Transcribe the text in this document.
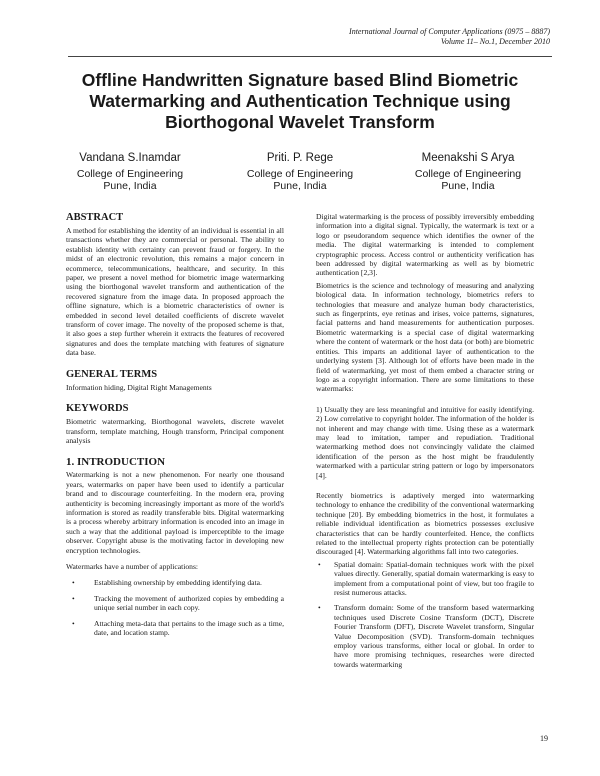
International Journal of Computer Applications (0975 – 8887)
Volume 11– No.1, December 2010
Offline Handwritten Signature based Blind Biometric Watermarking and Authentication Technique using Biorthogonal Wavelet Transform
Vandana S.Inamdar
College of Engineering
Pune, India
Priti. P. Rege
College of Engineering
Pune, India
Meenakshi S Arya
College of Engineering
Pune, India
ABSTRACT

A method for establishing the identity of an individual is essential in all transactions whether they are commercial or personal. The ability to establish identity with certainty can prevent fraud or forgery. In the midst of an electronic revolution, this remains a major concern in ecommerce, telecommunications, healthcare, and security. In this paper, we present a novel method for biometric image watermarking using the biorthogonal wavelet transform and authentication of the recovered signature from the image data. In proposed approach the offline signature, which is a biometric characteristics of owner is embedded in second level detailed coefficients of discrete wavelet transform of cover image. The novelty of the proposed scheme is that, it also goes a step further wherein it extracts the features of recovered signatures and does the template matching with features of signature data base.

GENERAL TERMS

Information hiding, Digital Right Managements

KEYWORDS

Biometric watermarking, Biorthogonal wavelets, discrete wavelet transform, template matching, Hough transform, Principal component analysis

1. INTRODUCTION

Watermarking is not a new phenomenon. For nearly one thousand years, watermarks on paper have been used to identify a particular brand and to discourage counterfeiting. In the modern era, proving authenticity is becoming increasingly important as more of the world's information is stored as readily transferable bits. Digital watermarking is a process whereby arbitrary information is encoded into an image in such a way that the additional payload is imperceptible to the image observer. Copyright abuse is the motivating factor in developing new encryption technologies.

Watermarks have a number of applications:

•	Establishing ownership by embedding identifying data.
•	Tracking the movement of authorized copies by embedding a unique serial number in each copy.
•	Attaching meta-data that pertains to the image such as a time, date, and location stamp.

Digital watermarking is the process of possibly irreversibly embedding information into a digital signal. Typically, the watermark is text or a logo or pseudorandom sequence which identifies the owner of the media. The digital watermarking is intended to complement cryptographic process. Access control or authenticity verification has been addressed by digital watermarking as well as by biometric authentication [2,3].

Biometrics is the science and technology of measuring and analyzing biological data. In information technology, biometrics refers to technologies that measure and analyze human body characteristics, such as fingerprints, eye retinas and irises, voice patterns, signatures, facial patterns and hand measurements for authentication purposes. Biometric watermarking is a special case of digital watermarking where the content of watermark or the host data (or both) are biometric entities. This imparts an additional layer of authentication to the underlying system [3]. Although lot of efforts have been made in the field of watermarking, yet most of them embed a character string or logo as a copyright information. There are some limitations to these watermarks:

1) Usually they are less meaningful and intuitive for easily identifying. 2) Low correlative to copyright holder. The information of the holder is not inherent and may change with time. Using these as a watermark may lead to imitation, tamper and repudiation. Traditional watermarking method does not convincingly validate the claimed identification of the person as the host might be fraudulently watermarked with a particular string pattern or logo by impersonators [4].

Recently biometrics is adaptively merged into watermarking technology to enhance the credibility of the conventional watermarking technique [20]. By embedding biometrics in the host, it formulates a reliable individual identification as biometrics possesses exclusive characteristics that can be hardly counterfeited. Hence, the conflicts related to the intellectual property rights protection can be potentially discouraged [4]. Watermarking algorithms fall into two categories.

• Spatial domain: Spatial-domain techniques work with the pixel values directly. Generally, spatial domain watermarking is easy to implement from a computational point of view, but too fragile to resist numerous attacks.
• Transform domain: Some of the transform based watermarking techniques used Discrete Cosine Transform (DCT), Discrete Fourier Transform (DFT), Discrete Wavelet transform, Singular Value Decomposition (SVD). Transform-domain techniques employ various transforms, either local or global. In order to have more promising techniques, researches were directed towards watermarking
19
